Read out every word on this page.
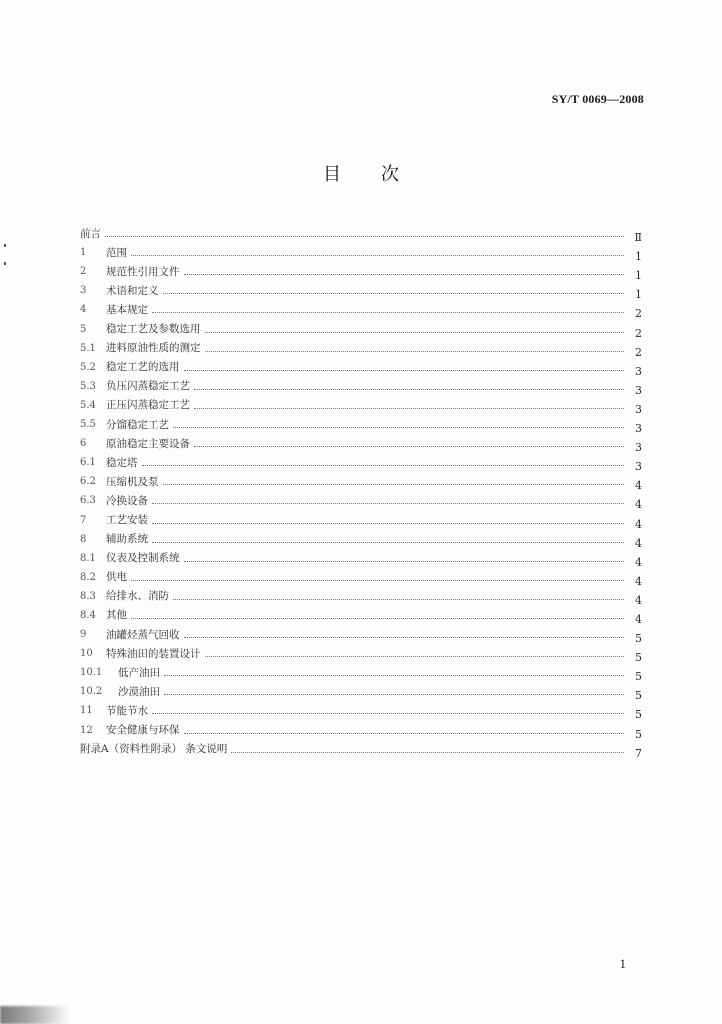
SY/T 0069—2008
目次
前言	Ⅱ
1	范围	1
2	规范性引用文件	1
3	术语和定义	1
4	基本规定	2
5	稳定工艺及参数选用	2
5.1 进料原油性质的测定	2
5.2 稳定工艺的选用	3
5.3 负压闪蒸稳定工艺	3
5.4 正压闪蒸稳定工艺	3
5.5 分馏稳定工艺	3
6	原油稳定主要设备	3
6.1 稳定塔	3
6.2 压缩机及泵	4
6.3 冷换设备	4
7	工艺安装	4
8	辅助系统	4
8.1 仪表及控制系统	4
8.2 供电	4
8.3 给排水、消防	4
8.4 其他	4
9	油罐烃蒸气回收	5
10	特殊油田的装置设计	5
10.1	低产油田	5
10.2	沙漠油田	5
11	节能节水	5
12	安全健康与环保	5
附录A（资料性附录） 条文说明	7
1
